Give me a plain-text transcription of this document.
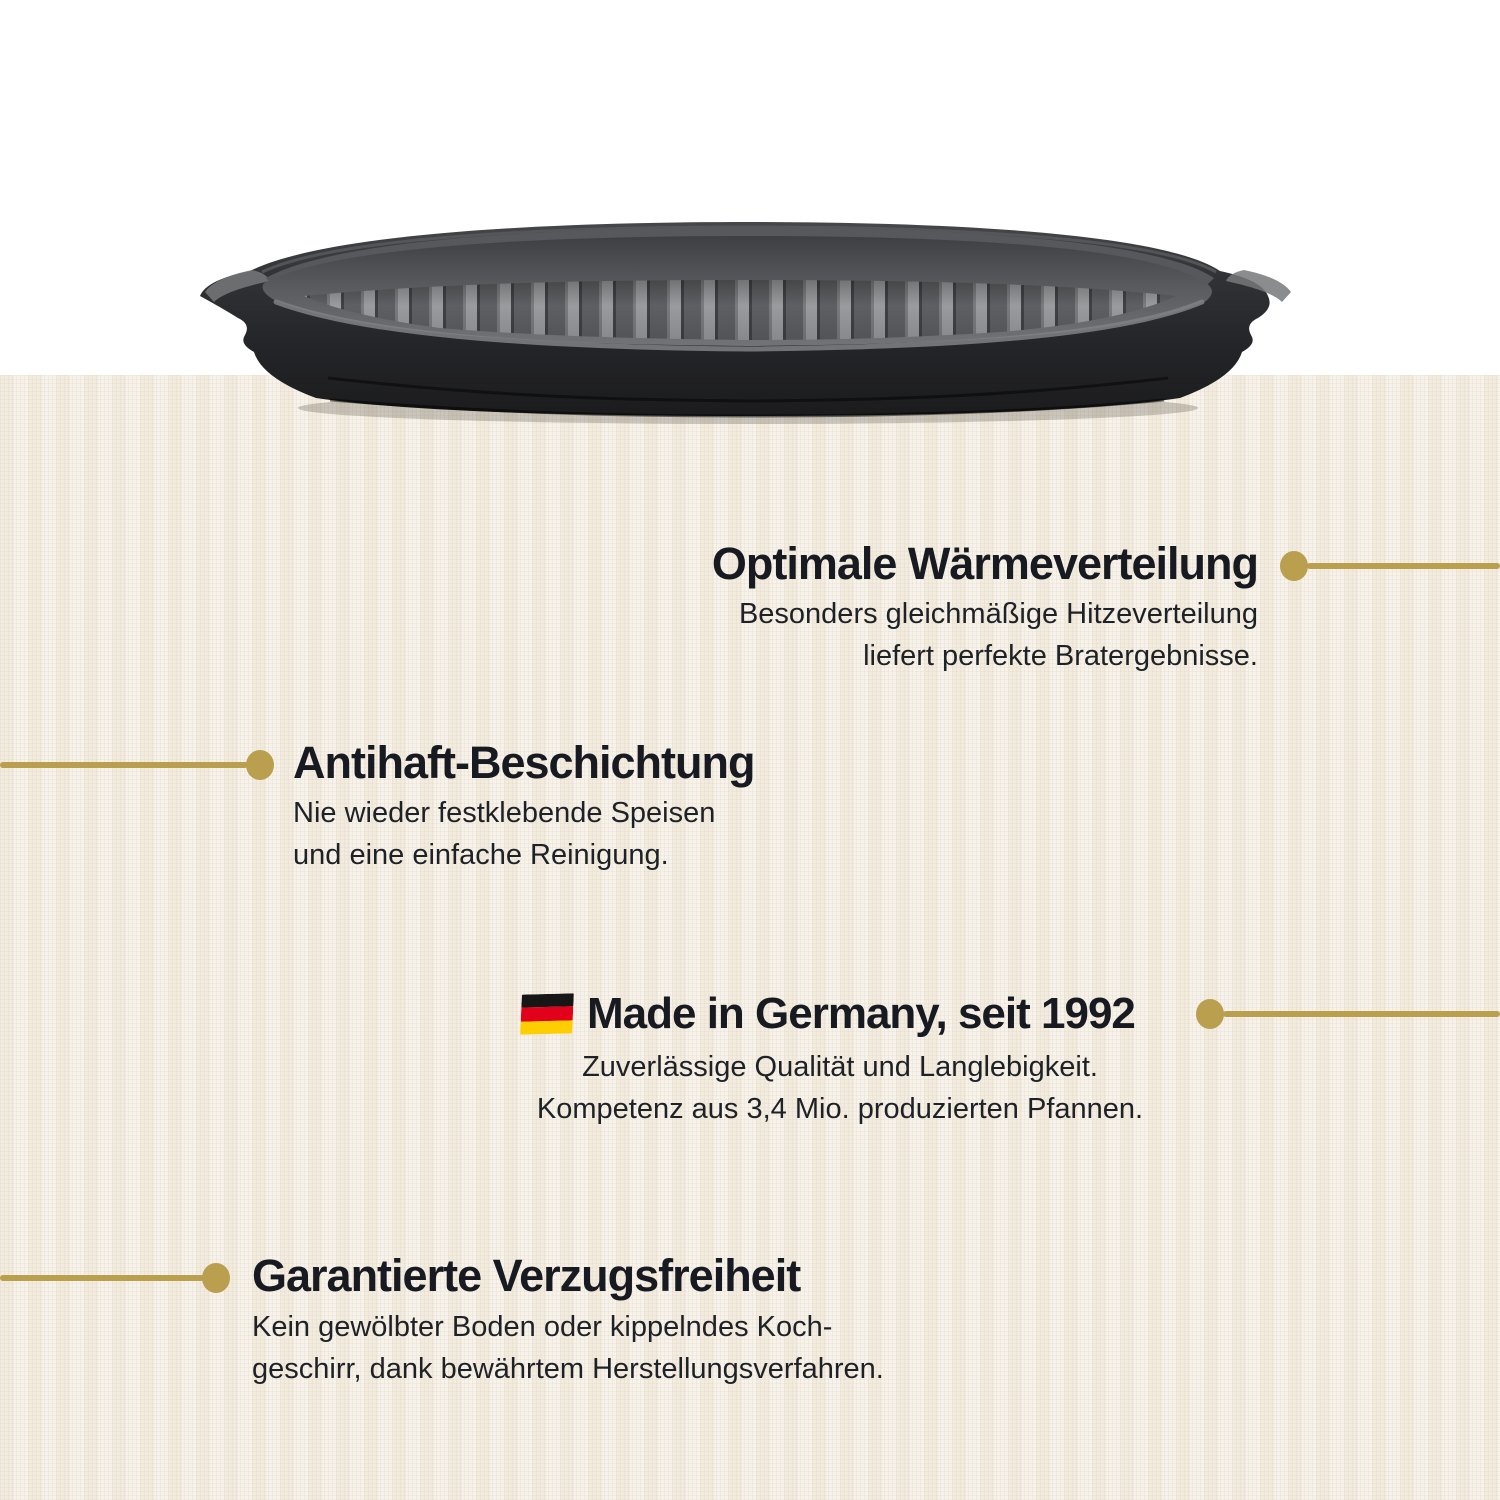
Optimale Wärmeverteilung
Besonders gleichmäßige Hitzeverteilung
liefert perfekte Bratergebnisse.
Antihaft-Beschichtung
Nie wieder festklebende Speisen
und eine einfache Reinigung.
Made in Germany, seit 1992
Zuverlässige Qualität und Langlebigkeit.
Kompetenz aus 3,4 Mio. produzierten Pfannen.
Garantierte Verzugsfreiheit
Kein gewölbter Boden oder kippelndes Koch-
geschirr, dank bewährtem Herstellungsverfahren.
